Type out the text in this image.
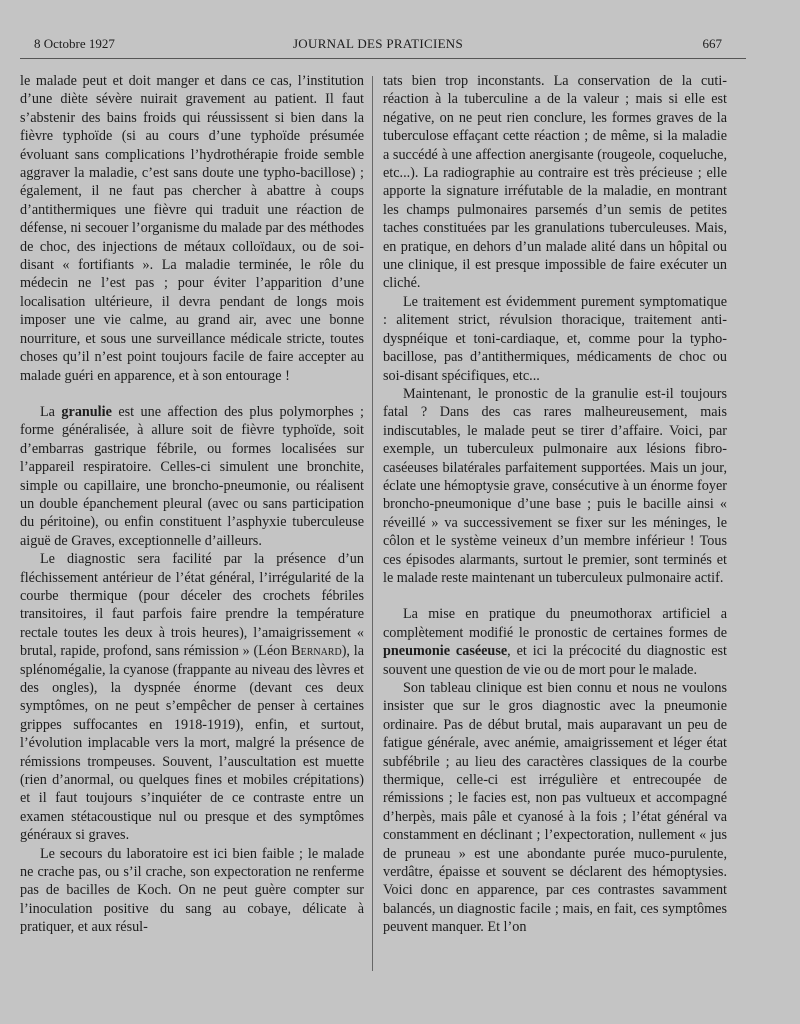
8 Octobre 1927	JOURNAL DES PRATICIENS	667

le malade peut et doit manger et dans ce cas, l’institution d’une diète sévère nuirait gravement au patient. Il faut s’abstenir des bains froids qui réussissent si bien dans la fièvre typhoïde (si au cours d’une typhoïde présumée évoluant sans complications l’hydrothérapie froide semble aggraver la maladie, c’est sans doute une typho-bacillose) ; également, il ne faut pas chercher à abattre à coups d’antithermiques une fièvre qui traduit une réaction de défense, ni secouer l’organisme du malade par des méthodes de choc, des injections de métaux colloïdaux, ou de soi-disant « fortifiants ». La maladie terminée, le rôle du médecin ne l’est pas ; pour éviter l’apparition d’une localisation ultérieure, il devra pendant de longs mois imposer une vie calme, au grand air, avec une bonne nourriture, et sous une surveillance médicale stricte, toutes choses qu’il n’est point toujours facile de faire accepter au malade guéri en apparence, et à son entourage !

La granulie est une affection des plus polymorphes ; forme généralisée, à allure soit de fièvre typhoïde, soit d’embarras gastrique fébrile, ou formes localisées sur l’appareil respiratoire. Celles-ci simulent une bronchite, simple ou capillaire, une broncho-pneumonie, ou réalisent un double épanchement pleural (avec ou sans participation du péritoine), ou enfin constituent l’asphyxie tuberculeuse aiguë de Graves, exceptionnelle d’ailleurs.

Le diagnostic sera facilité par la présence d’un fléchissement antérieur de l’état général, l’irrégularité de la courbe thermique (pour déceler des crochets fébriles transitoires, il faut parfois faire prendre la température rectale toutes les deux à trois heures), l’amaigrissement « brutal, rapide, profond, sans rémission » (Léon Bernard), la splénomégalie, la cyanose (frappante au niveau des lèvres et des ongles), la dyspnée énorme (devant ces deux symptômes, on ne peut s’empêcher de penser à certaines grippes suffocantes en 1918-1919), enfin, et surtout, l’évolution implacable vers la mort, malgré la présence de rémissions trompeuses. Souvent, l’auscultation est muette (rien d’anormal, ou quelques fines et mobiles crépitations) et il faut toujours s’inquiéter de ce contraste entre un examen stétacoustique nul ou presque et des symptômes généraux si graves.

Le secours du laboratoire est ici bien faible ; le malade ne crache pas, ou s’il crache, son expectoration ne renferme pas de bacilles de Koch. On ne peut guère compter sur l’inoculation positive du sang au cobaye, délicate à pratiquer, et aux résul-

tats bien trop inconstants. La conservation de la cuti-réaction à la tuberculine a de la valeur ; mais si elle est négative, on ne peut rien conclure, les formes graves de la tuberculose effaçant cette réaction ; de même, si la maladie a succédé à une affection anergisante (rougeole, coqueluche, etc...). La radiographie au contraire est très précieuse ; elle apporte la signature irréfutable de la maladie, en montrant les champs pulmonaires parsemés d’un semis de petites taches constituées par les granulations tuberculeuses. Mais, en pratique, en dehors d’un malade alité dans un hôpital ou une clinique, il est presque impossible de faire exécuter un cliché.

Le traitement est évidemment purement symptomatique : alitement strict, révulsion thoracique, traitement anti-dyspnéique et toni-cardiaque, et, comme pour la typho-bacillose, pas d’antithermiques, médicaments de choc ou soi-disant spécifiques, etc...

Maintenant, le pronostic de la granulie est-il toujours fatal ? Dans des cas rares malheureusement, mais indiscutables, le malade peut se tirer d’affaire. Voici, par exemple, un tuberculeux pulmonaire aux lésions fibro-caséeuses bilatérales parfaitement supportées. Mais un jour, éclate une hémoptysie grave, consécutive à un énorme foyer broncho-pneumonique d’une base ; puis le bacille ainsi « réveillé » va successivement se fixer sur les méninges, le côlon et le système veineux d’un membre inférieur ! Tous ces épisodes alarmants, surtout le premier, sont terminés et le malade reste maintenant un tuberculeux pulmonaire actif.

La mise en pratique du pneumothorax artificiel a complètement modifié le pronostic de certaines formes de pneumonie caséeuse, et ici la précocité du diagnostic est souvent une question de vie ou de mort pour le malade.

Son tableau clinique est bien connu et nous ne voulons insister que sur le gros diagnostic avec la pneumonie ordinaire. Pas de début brutal, mais auparavant un peu de fatigue générale, avec anémie, amaigrissement et léger état subfébrile ; au lieu des caractères classiques de la courbe thermique, celle-ci est irrégulière et entrecoupée de rémissions ; le facies est, non pas vultueux et accompagné d’herpès, mais pâle et cyanosé à la fois ; l’état général va constamment en déclinant ; l’expectoration, nullement « jus de pruneau » est une abondante purée muco-purulente, verdâtre, épaisse et souvent se déclarent des hémoptysies. Voici donc en apparence, par ces contrastes savamment balancés, un diagnostic facile ; mais, en fait, ces symptômes peuvent manquer. Et l’on
